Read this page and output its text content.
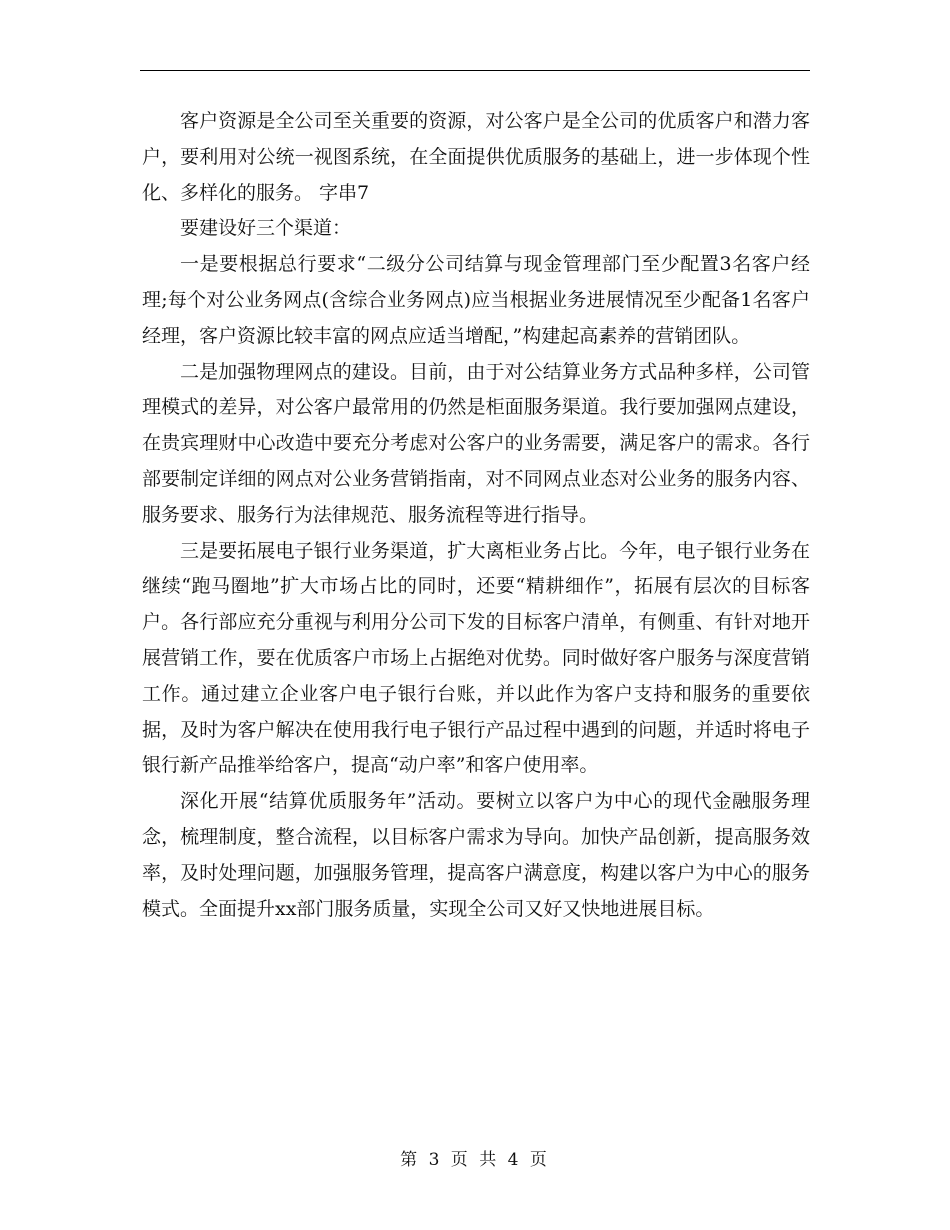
客户资源是全公司至关重要的资源，对公客户是全公司的优质客户和潜力客户，要利用对公统一视图系统，在全面提供优质服务的基础上，进一步体现个性化、多样化的服务。 字串7

要建设好三个渠道：

一是要根据总行要求“二级分公司结算与现金管理部门至少配置3名客户经理;每个对公业务网点(含综合业务网点)应当根据业务进展情况至少配备1名客户经理，客户资源比较丰富的网点应适当增配，”构建起高素养的营销团队。

二是加强物理网点的建设。目前，由于对公结算业务方式品种多样，公司管理模式的差异，对公客户最常用的仍然是柜面服务渠道。我行要加强网点建设，在贵宾理财中心改造中要充分考虑对公客户的业务需要，满足客户的需求。各行部要制定详细的网点对公业务营销指南，对不同网点业态对公业务的服务内容、服务要求、服务行为法律规范、服务流程等进行指导。

三是要拓展电子银行业务渠道，扩大离柜业务占比。今年，电子银行业务在继续“跑马圈地”扩大市场占比的同时，还要“精耕细作”，拓展有层次的目标客户。各行部应充分重视与利用分公司下发的目标客户清单，有侧重、有针对地开展营销工作，要在优质客户市场上占据绝对优势。同时做好客户服务与深度营销工作。通过建立企业客户电子银行台账，并以此作为客户支持和服务的重要依据，及时为客户解决在使用我行电子银行产品过程中遇到的问题，并适时将电子银行新产品推举给客户，提高“动户率”和客户使用率。

深化开展“结算优质服务年”活动。要树立以客户为中心的现代金融服务理念，梳理制度，整合流程，以目标客户需求为导向。加快产品创新，提高服务效率，及时处理问题，加强服务管理，提高客户满意度，构建以客户为中心的服务模式。全面提升xx部门服务质量，实现全公司又好又快地进展目标。

第 3 页 共 4 页
